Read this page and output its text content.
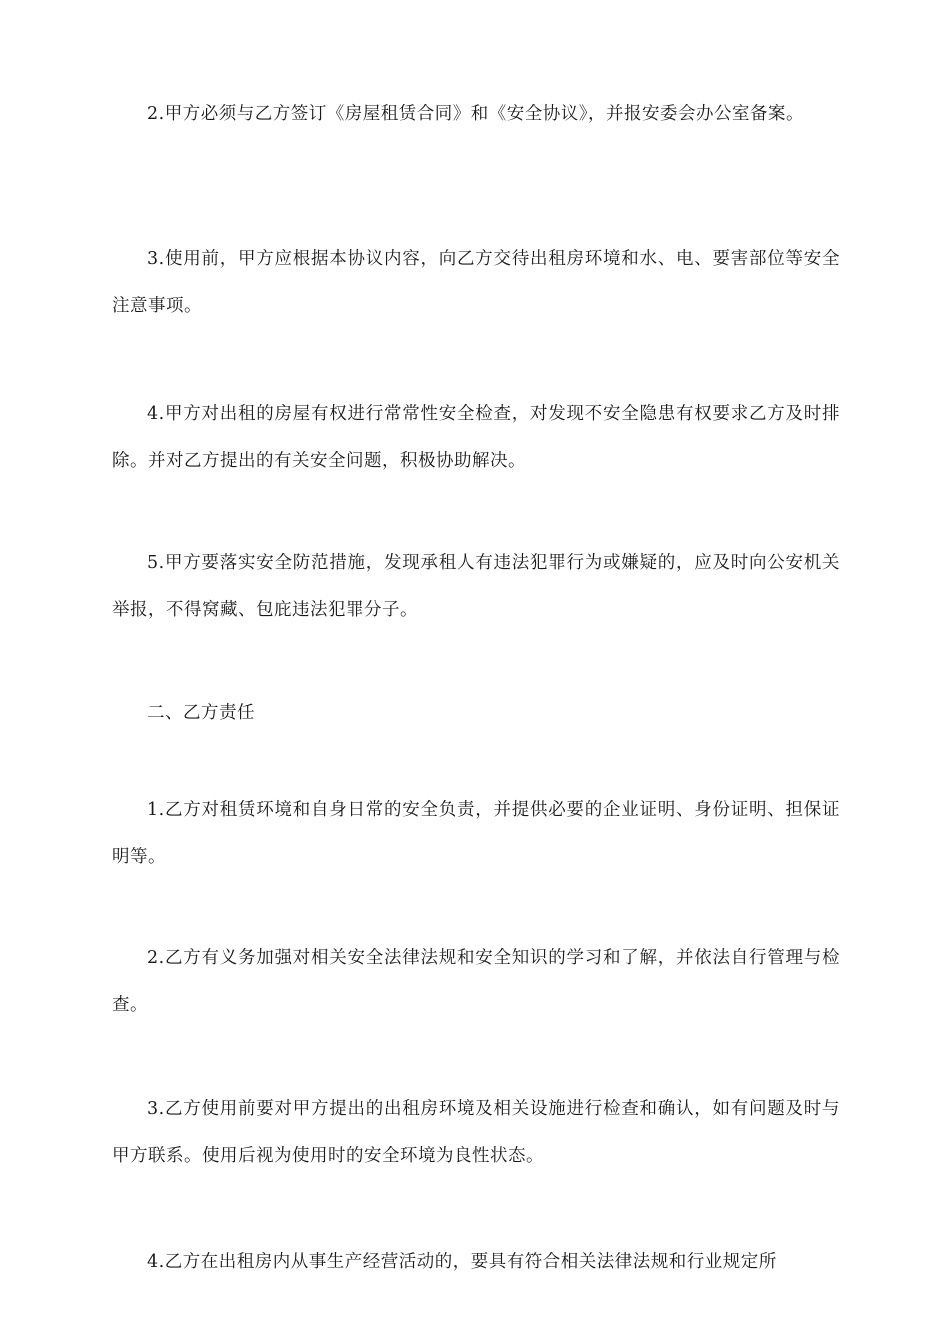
2.甲方必须与乙方签订《房屋租赁合同》和《安全协议》，并报安委会办公室备案。

3.使用前，甲方应根据本协议内容，向乙方交待出租房环境和水、电、要害部位等安全注意事项。

4.甲方对出租的房屋有权进行常常性安全检查，对发现不安全隐患有权要求乙方及时排除。并对乙方提出的有关安全问题，积极协助解决。

5.甲方要落实安全防范措施，发现承租人有违法犯罪行为或嫌疑的，应及时向公安机关举报，不得窝藏、包庇违法犯罪分子。

二、乙方责任

1.乙方对租赁环境和自身日常的安全负责，并提供必要的企业证明、身份证明、担保证明等。

2.乙方有义务加强对相关安全法律法规和安全知识的学习和了解，并依法自行管理与检查。

3.乙方使用前要对甲方提出的出租房环境及相关设施进行检查和确认，如有问题及时与甲方联系。使用后视为使用时的安全环境为良性状态。

4.乙方在出租房内从事生产经营活动的，要具有符合相关法律法规和行业规定所
